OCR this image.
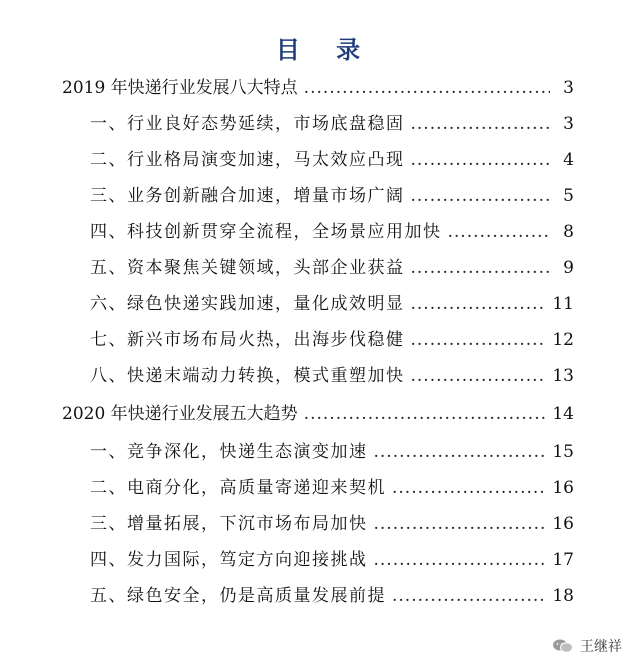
目 录
2019 年快递行业发展八大特点 .....	3
一、行业良好态势延续，市场底盘稳固 .....	3
二、行业格局演变加速，马太效应凸现 .....	4
三、业务创新融合加速，增量市场广阔 .....	5
四、科技创新贯穿全流程，全场景应用加快 .....	8
五、资本聚焦关键领域，头部企业获益 .....	9
六、绿色快递实践加速，量化成效明显 .....	11
七、新兴市场布局火热，出海步伐稳健 .....	12
八、快递末端动力转换，模式重塑加快 .....	13
2020 年快递行业发展五大趋势 .....	14
一、竞争深化，快递生态演变加速 .....	15
二、电商分化，高质量寄递迎来契机 .....	16
三、增量拓展，下沉市场布局加快 .....	16
四、发力国际，笃定方向迎接挑战 .....	17
五、绿色安全，仍是高质量发展前提 .....	18
王继祥
